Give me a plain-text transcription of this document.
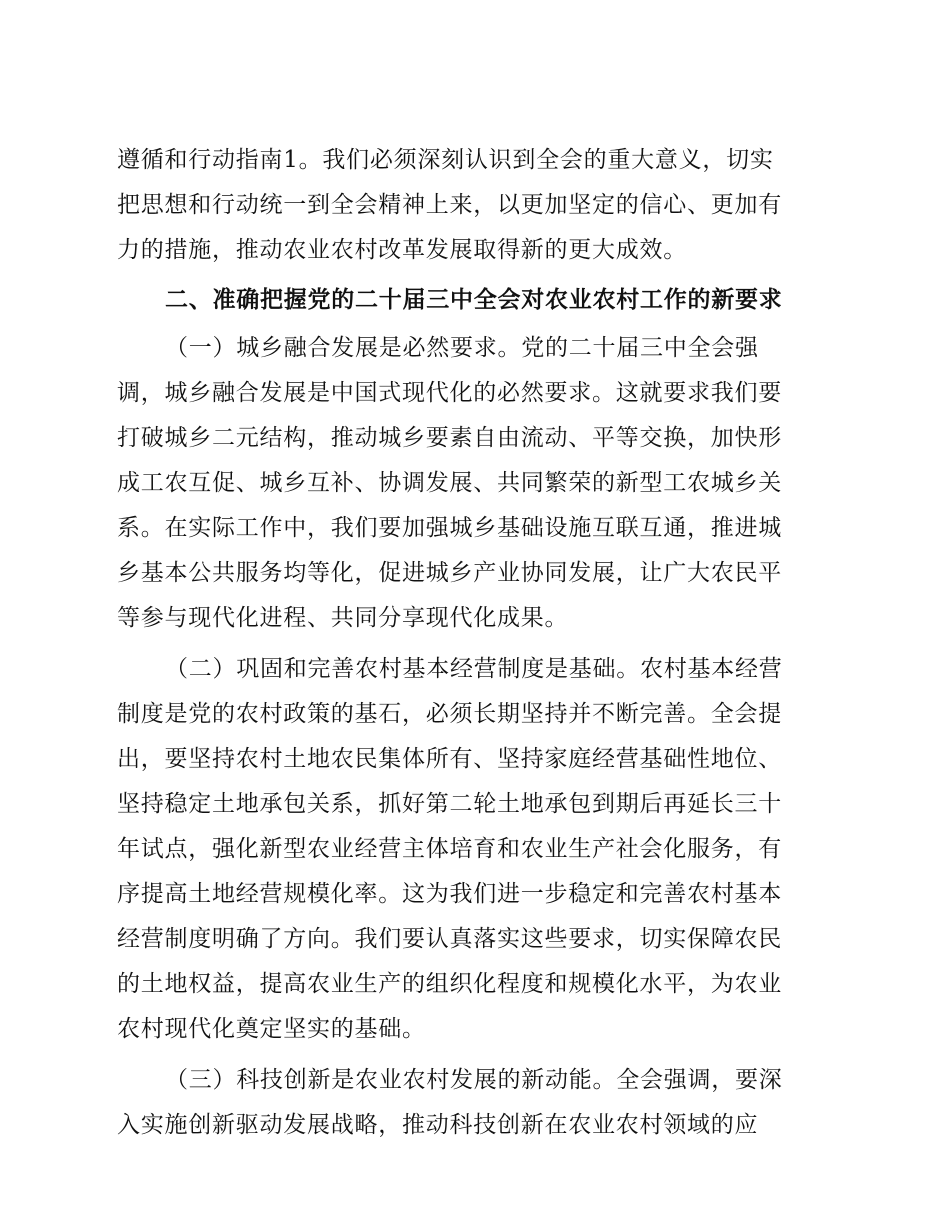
遵循和行动指南1。我们必须深刻认识到全会的重大意义，切实
把思想和行动统一到全会精神上来，以更加坚定的信心、更加有
力的措施，推动农业农村改革发展取得新的更大成效。
二、准确把握党的二十届三中全会对农业农村工作的新要求
（一）城乡融合发展是必然要求。党的二十届三中全会强
调，城乡融合发展是中国式现代化的必然要求。这就要求我们要
打破城乡二元结构，推动城乡要素自由流动、平等交换，加快形
成工农互促、城乡互补、协调发展、共同繁荣的新型工农城乡关
系。在实际工作中，我们要加强城乡基础设施互联互通，推进城
乡基本公共服务均等化，促进城乡产业协同发展，让广大农民平
等参与现代化进程、共同分享现代化成果。
（二）巩固和完善农村基本经营制度是基础。农村基本经营
制度是党的农村政策的基石，必须长期坚持并不断完善。全会提
出，要坚持农村土地农民集体所有、坚持家庭经营基础性地位、
坚持稳定土地承包关系，抓好第二轮土地承包到期后再延长三十
年试点，强化新型农业经营主体培育和农业生产社会化服务，有
序提高土地经营规模化率。这为我们进一步稳定和完善农村基本
经营制度明确了方向。我们要认真落实这些要求，切实保障农民
的土地权益，提高农业生产的组织化程度和规模化水平，为农业
农村现代化奠定坚实的基础。
（三）科技创新是农业农村发展的新动能。全会强调，要深
入实施创新驱动发展战略，推动科技创新在农业农村领域的应
